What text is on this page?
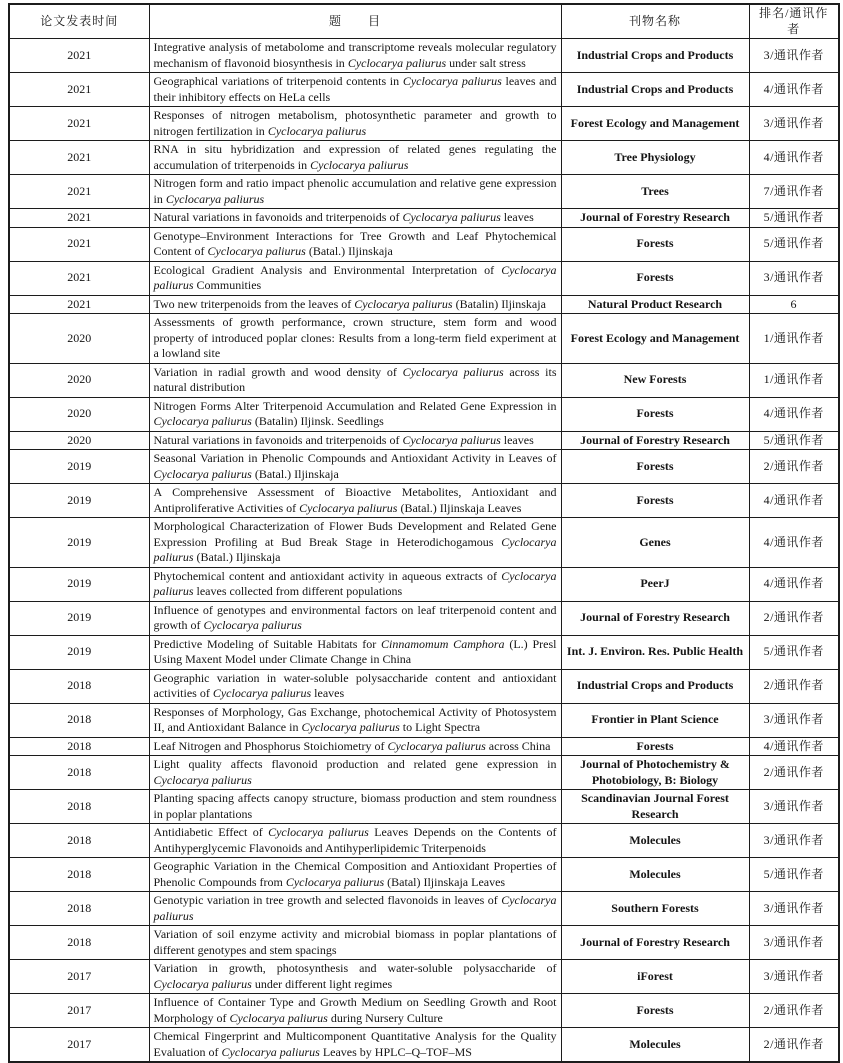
论文发表时间	题　　目	刊物名称	排名/通讯作者
2021	Integrative analysis of metabolome and transcriptome reveals molecular regulatory mechanism of flavonoid biosynthesis in Cyclocarya paliurus under salt stress	Industrial Crops and Products	3/通讯作者
2021	Geographical variations of triterpenoid contents in Cyclocarya paliurus leaves and their inhibitory effects on HeLa cells	Industrial Crops and Products	4/通讯作者
2021	Responses of nitrogen metabolism, photosynthetic parameter and growth to nitrogen fertilization in Cyclocarya paliurus	Forest Ecology and Management	3/通讯作者
2021	RNA in situ hybridization and expression of related genes regulating the accumulation of triterpenoids in Cyclocarya paliurus	Tree Physiology	4/通讯作者
2021	Nitrogen form and ratio impact phenolic accumulation and relative gene expression in Cyclocarya paliurus	Trees	7/通讯作者
2021	Natural variations in favonoids and triterpenoids of Cyclocarya paliurus leaves	Journal of Forestry Research	5/通讯作者
2021	Genotype–Environment Interactions for Tree Growth and Leaf Phytochemical Content of Cyclocarya paliurus (Batal.) Iljinskaja	Forests	5/通讯作者
2021	Ecological Gradient Analysis and Environmental Interpretation of Cyclocarya paliurus Communities	Forests	3/通讯作者
2021	Two new triterpenoids from the leaves of Cyclocarya paliurus (Batalin) Iljinskaja	Natural Product Research	6
2020	Assessments of growth performance, crown structure, stem form and wood property of introduced poplar clones: Results from a long-term field experiment at a lowland site	Forest Ecology and Management	1/通讯作者
2020	Variation in radial growth and wood density of Cyclocarya paliurus across its natural distribution	New Forests	1/通讯作者
2020	Nitrogen Forms Alter Triterpenoid Accumulation and Related Gene Expression in Cyclocarya paliurus (Batalin) Iljinsk. Seedlings	Forests	4/通讯作者
2020	Natural variations in favonoids and triterpenoids of Cyclocarya paliurus leaves	Journal of Forestry Research	5/通讯作者
2019	Seasonal Variation in Phenolic Compounds and Antioxidant Activity in Leaves of Cyclocarya paliurus (Batal.) Iljinskaja	Forests	2/通讯作者
2019	A Comprehensive Assessment of Bioactive Metabolites, Antioxidant and Antiproliferative Activities of Cyclocarya paliurus (Batal.) Iljinskaja Leaves	Forests	4/通讯作者
2019	Morphological Characterization of Flower Buds Development and Related Gene Expression Profiling at Bud Break Stage in Heterodichogamous Cyclocarya paliurus (Batal.) Iljinskaja	Genes	4/通讯作者
2019	Phytochemical content and antioxidant activity in aqueous extracts of Cyclocarya paliurus leaves collected from different populations	PeerJ	4/通讯作者
2019	Influence of genotypes and environmental factors on leaf triterpenoid content and growth of Cyclocarya paliurus	Journal of Forestry Research	2/通讯作者
2019	Predictive Modeling of Suitable Habitats for Cinnamomum Camphora (L.) Presl Using Maxent Model under Climate Change in China	Int. J. Environ. Res. Public Health	5/通讯作者
2018	Geographic variation in water-soluble polysaccharide content and antioxidant activities of Cyclocarya paliurus leaves	Industrial Crops and Products	2/通讯作者
2018	Responses of Morphology, Gas Exchange, photochemical Activity of Photosystem II, and Antioxidant Balance in Cyclocarya paliurus to Light Spectra	Frontier in Plant Science	3/通讯作者
2018	Leaf Nitrogen and Phosphorus Stoichiometry of Cyclocarya paliurus across China	Forests	4/通讯作者
2018	Light quality affects flavonoid production and related gene expression in Cyclocarya paliurus	Journal of Photochemistry & Photobiology, B: Biology	2/通讯作者
2018	Planting spacing affects canopy structure, biomass production and stem roundness in poplar plantations	Scandinavian Journal Forest Research	3/通讯作者
2018	Antidiabetic Effect of Cyclocarya paliurus Leaves Depends on the Contents of Antihyperglycemic Flavonoids and Antihyperlipidemic Triterpenoids	Molecules	3/通讯作者
2018	Geographic Variation in the Chemical Composition and Antioxidant Properties of Phenolic Compounds from Cyclocarya paliurus (Batal) Iljinskaja Leaves	Molecules	5/通讯作者
2018	Genotypic variation in tree growth and selected flavonoids in leaves of Cyclocarya paliurus	Southern Forests	3/通讯作者
2018	Variation of soil enzyme activity and microbial biomass in poplar plantations of different genotypes and stem spacings	Journal of Forestry Research	3/通讯作者
2017	Variation in growth, photosynthesis and water-soluble polysaccharide of Cyclocarya paliurus under different light regimes	iForest	3/通讯作者
2017	Influence of Container Type and Growth Medium on Seedling Growth and Root Morphology of Cyclocarya paliurus during Nursery Culture	Forests	2/通讯作者
2017	Chemical Fingerprint and Multicomponent Quantitative Analysis for the Quality Evaluation of Cyclocarya paliurus Leaves by HPLC–Q–TOF–MS	Molecules	2/通讯作者
